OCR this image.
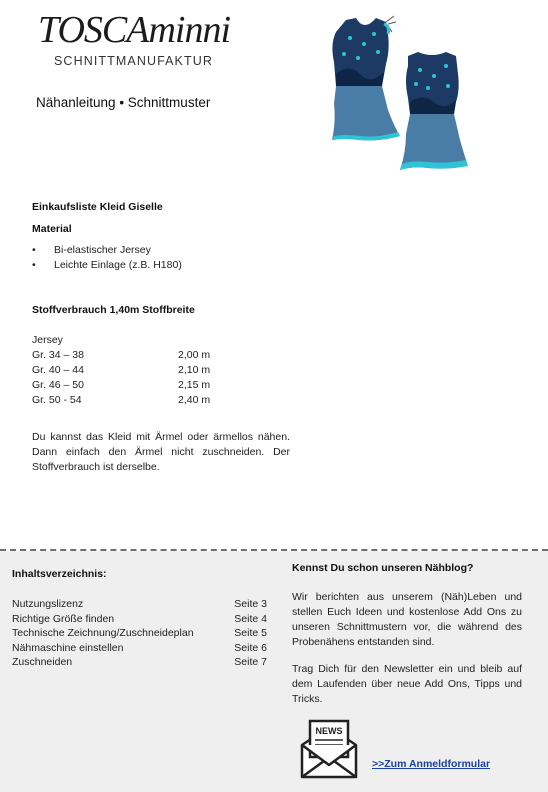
TOSCAminni
SCHNITTMANUFAKTUR
Nähanleitung • Schnittmuster
Einkaufsliste Kleid Giselle
Material
• Bi-elastischer Jersey
• Leichte Einlage (z.B. H180)
Stoffverbrauch 1,40m Stoffbreite
Jersey
Gr. 34 – 38	2,00 m
Gr. 40 – 44	2,10 m
Gr. 46 – 50	2,15 m
Gr. 50 - 54	2,40 m

Du kannst das Kleid mit Ärmel oder ärmellos nähen. Dann einfach den Ärmel nicht zuschneiden. Der Stoffverbrauch ist derselbe.

Inhaltsverzeichnis:
Nutzungslizenz	Seite 3
Richtige Größe finden	Seite 4
Technische Zeichnung/Zuschneideplan	Seite 5
Nähmaschine einstellen	Seite 6
Zuschneiden	Seite 7
Kennst Du schon unseren Nähblog?

Wir berichten aus unserem (Näh)Leben und stellen Euch Ideen und kostenlose Add Ons zu unseren Schnittmustern vor, die während des Probenähens entstanden sind.

Trag Dich für den Newsletter ein und bleib auf dem Laufenden über neue Add Ons, Tipps und Tricks.

NEWS
>>Zum Anmeldformular
